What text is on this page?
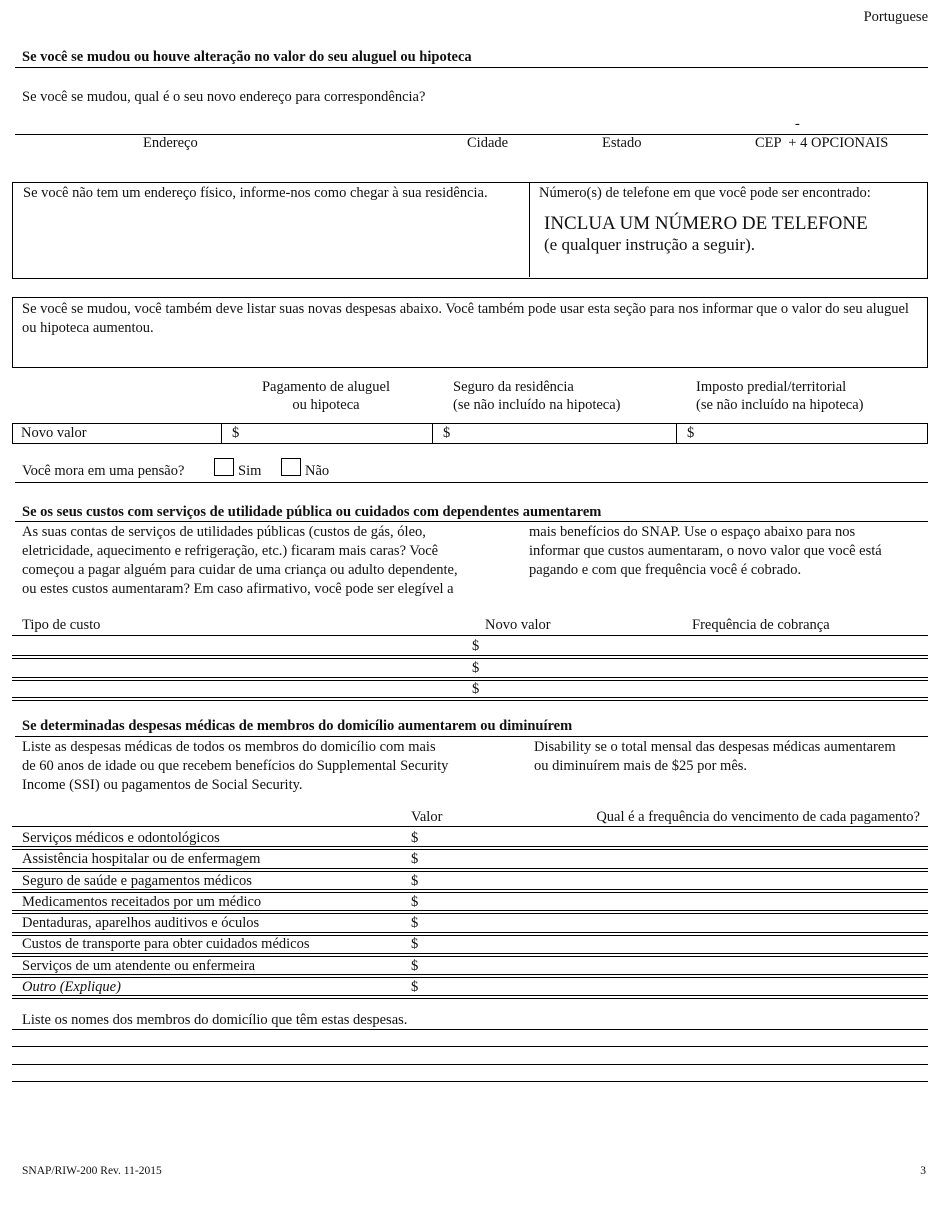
Portuguese
Se você se mudou ou houve alteração no valor do seu aluguel ou hipoteca
Se você se mudou, qual é o seu novo endereço para correspondência?
-
Endereço	Cidade	Estado	CEP  + 4 OPCIONAIS
Se você não tem um endereço físico, informe-nos como chegar à sua residência.	Número(s) de telefone em que você pode ser encontrado:
INCLUA UM NÚMERO DE TELEFONE
(e qualquer instrução a seguir).
Se você se mudou, você também deve listar suas novas despesas abaixo. Você também pode usar esta seção para nos informar que o valor do seu aluguel ou hipoteca aumentou.
Pagamento de aluguel
ou hipoteca
Seguro da residência
(se não incluído na hipoteca)
Imposto predial/territorial
(se não incluído na hipoteca)
Novo valor	$	$	$
Você mora em uma pensão?	Sim	Não
Se os seus custos com serviços de utilidade pública ou cuidados com dependentes aumentarem
As suas contas de serviços de utilidades públicas (custos de gás, óleo,
eletricidade, aquecimento e refrigeração, etc.) ficaram mais caras? Você
começou a pagar alguém para cuidar de uma criança ou adulto dependente,
ou estes custos aumentaram? Em caso afirmativo, você pode ser elegível a
mais benefícios do SNAP. Use o espaço abaixo para nos
informar que custos aumentaram, o novo valor que você está
pagando e com que frequência você é cobrado.
Tipo de custo	Novo valor	Frequência de cobrança
$
$
$
Se determinadas despesas médicas de membros do domicílio aumentarem ou diminuírem
Liste as despesas médicas de todos os membros do domicílio com mais
de 60 anos de idade ou que recebem benefícios do Supplemental Security
Income (SSI) ou pagamentos de Social Security.
Disability se o total mensal das despesas médicas aumentarem
ou diminuírem mais de $25 por mês.
Valor	Qual é a frequência do vencimento de cada pagamento?
Serviços médicos e odontológicos	$
Assistência hospitalar ou de enfermagem	$
Seguro de saúde e pagamentos médicos	$
Medicamentos receitados por um médico	$
Dentaduras, aparelhos auditivos e óculos	$
Custos de transporte para obter cuidados médicos	$
Serviços de um atendente ou enfermeira	$
Outro (Explique)	$
Liste os nomes dos membros do domicílio que têm estas despesas.
SNAP/RIW-200 Rev. 11-2015	3
